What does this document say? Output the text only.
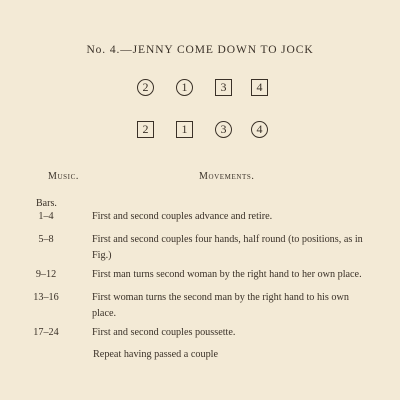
No. 4.—JENNY COME DOWN TO JOCK
2	1	3	4
2	1	3	4
Music.	Movements.
Bars.
1–4	First and second couples advance and retire.
5–8	First and second couples four hands, half round (to positions, as in Fig.)
9–12	First man turns second woman by the right hand to her own place.
13–16	First woman turns the second man by the right hand to his own place.
17–24	First and second couples poussette.
Repeat having passed a couple
